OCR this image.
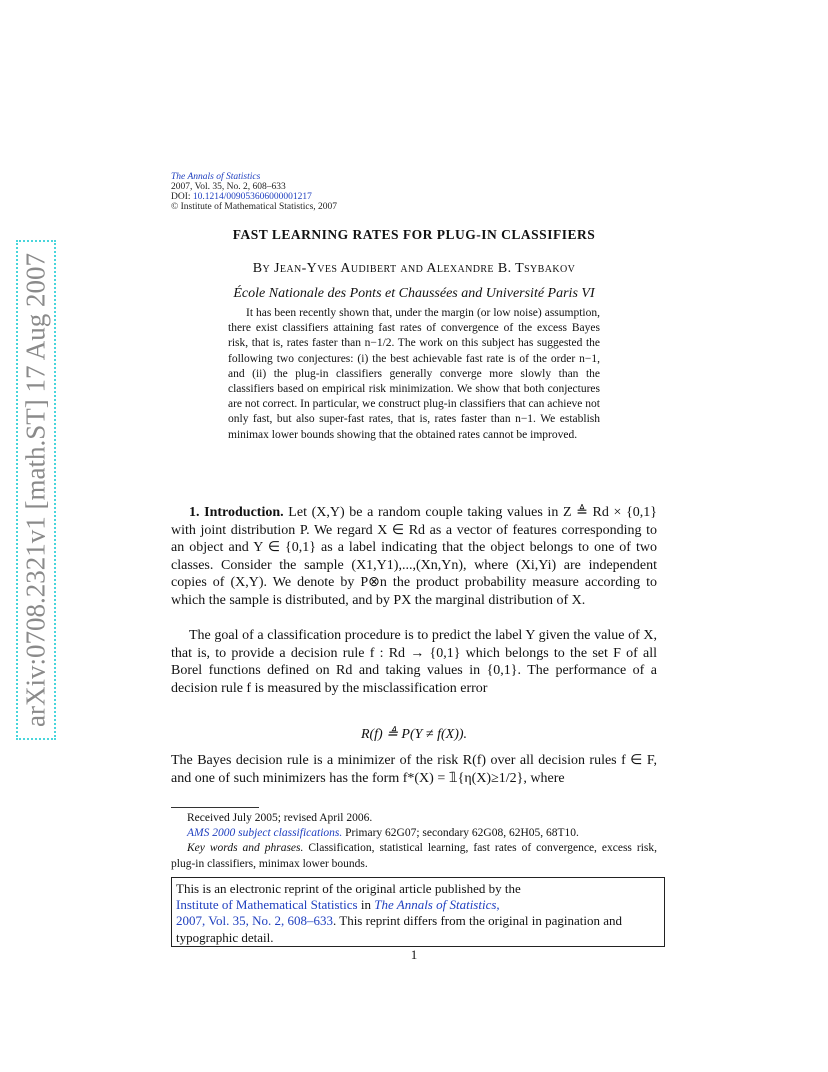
arXiv:0708.2321v1 [math.ST] 17 Aug 2007
The Annals of Statistics
2007, Vol. 35, No. 2, 608–633
DOI: 10.1214/009053606000001217
© Institute of Mathematical Statistics, 2007
FAST LEARNING RATES FOR PLUG-IN CLASSIFIERS
By Jean-Yves Audibert and Alexandre B. Tsybakov
École Nationale des Ponts et Chaussées and Université Paris VI
It has been recently shown that, under the margin (or low noise) assumption, there exist classifiers attaining fast rates of convergence of the excess Bayes risk, that is, rates faster than n−1/2. The work on this subject has suggested the following two conjectures: (i) the best achievable fast rate is of the order n−1, and (ii) the plug-in classifiers generally converge more slowly than the classifiers based on empirical risk minimization. We show that both conjectures are not correct. In particular, we construct plug-in classifiers that can achieve not only fast, but also super-fast rates, that is, rates faster than n−1. We establish minimax lower bounds showing that the obtained rates cannot be improved.
1. Introduction. Let (X,Y) be a random couple taking values in Z ≜ Rd × {0,1} with joint distribution P. We regard X ∈ Rd as a vector of features corresponding to an object and Y ∈ {0,1} as a label indicating that the object belongs to one of two classes. Consider the sample (X1,Y1),...,(Xn,Yn), where (Xi,Yi) are independent copies of (X,Y). We denote by P⊗n the product probability measure according to which the sample is distributed, and by PX the marginal distribution of X.
The goal of a classification procedure is to predict the label Y given the value of X, that is, to provide a decision rule f : Rd → {0,1} which belongs to the set F of all Borel functions defined on Rd and taking values in {0,1}. The performance of a decision rule f is measured by the misclassification error
R(f) ≜ P(Y ≠ f(X)).
The Bayes decision rule is a minimizer of the risk R(f) over all decision rules f ∈ F, and one of such minimizers has the form f*(X) = 𝟙{η(X)≥1/2}, where
Received July 2005; revised April 2006.
AMS 2000 subject classifications. Primary 62G07; secondary 62G08, 62H05, 68T10.
Key words and phrases. Classification, statistical learning, fast rates of convergence, excess risk, plug-in classifiers, minimax lower bounds.
This is an electronic reprint of the original article published by the
Institute of Mathematical Statistics in The Annals of Statistics,
2007, Vol. 35, No. 2, 608–633. This reprint differs from the original in pagination and typographic detail.
1
